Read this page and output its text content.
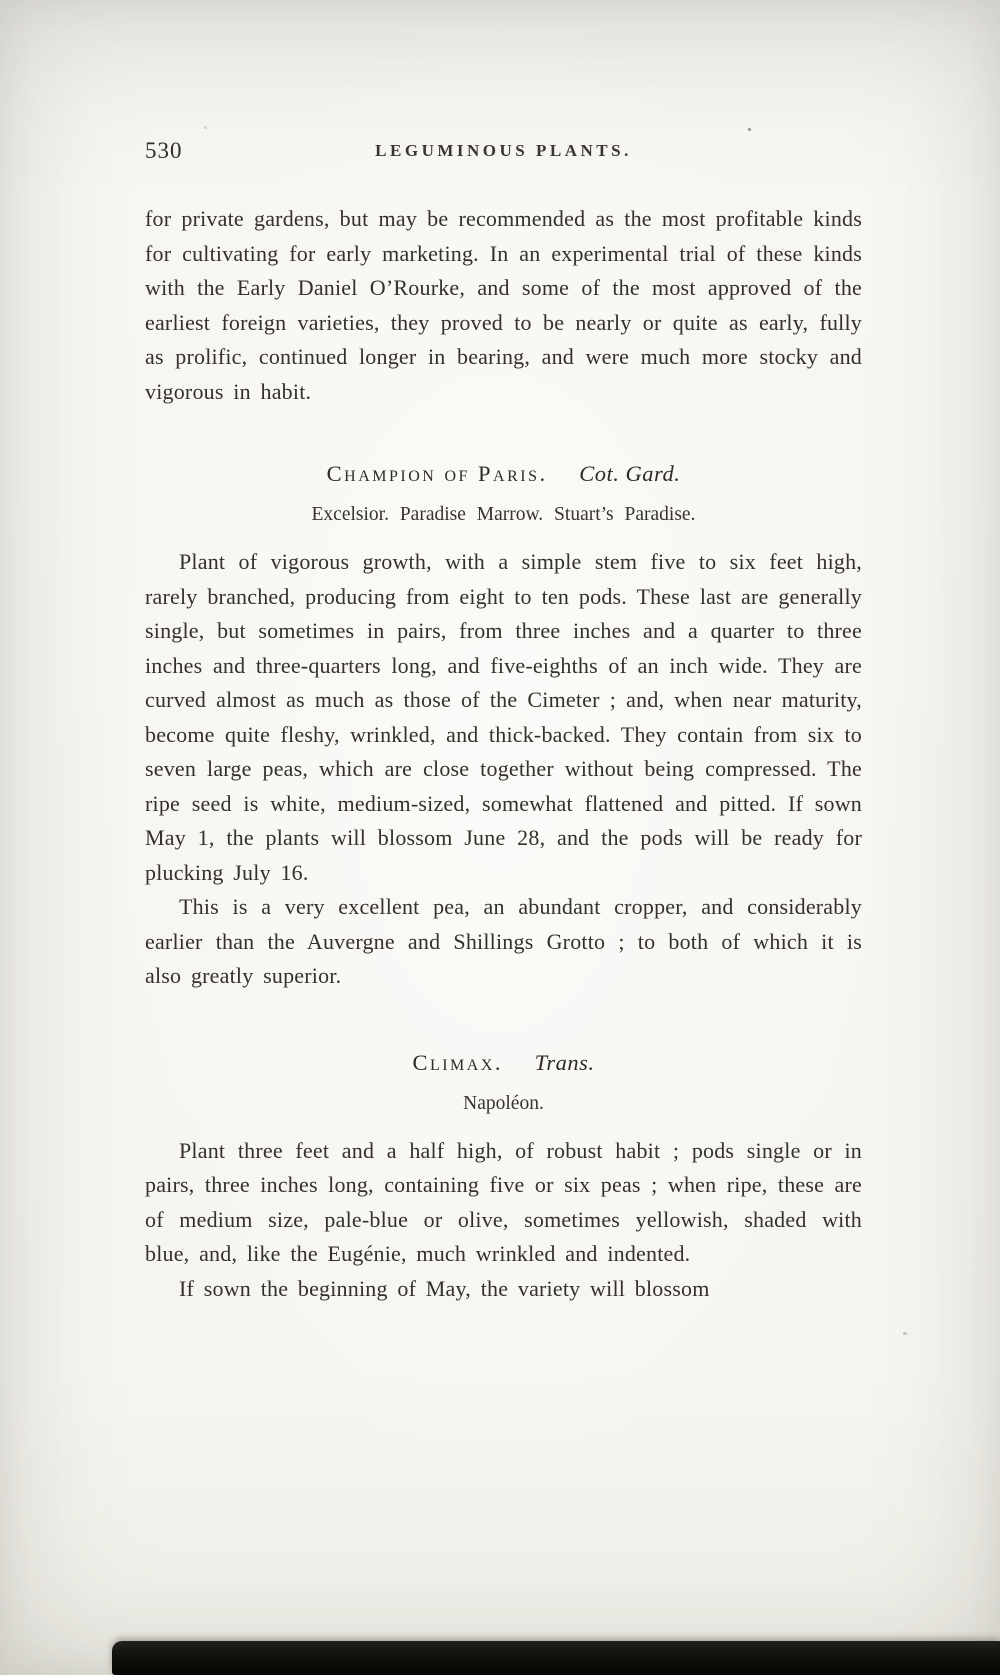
530	LEGUMINOUS PLANTS.

for private gardens, but may be recommended as the most profitable kinds for cultivating for early marketing. In an experimental trial of these kinds with the Early Daniel O’Rourke, and some of the most approved of the earliest foreign varieties, they proved to be nearly or quite as early, fully as prolific, continued longer in bearing, and were much more stocky and vigorous in habit.

Champion of Paris. Cot. Gard.

Excelsior. Paradise Marrow. Stuart’s Paradise.

Plant of vigorous growth, with a simple stem five to six feet high, rarely branched, producing from eight to ten pods. These last are generally single, but sometimes in pairs, from three inches and a quarter to three inches and three-quarters long, and five-eighths of an inch wide. They are curved almost as much as those of the Cimeter ; and, when near maturity, become quite fleshy, wrinkled, and thick-backed. They contain from six to seven large peas, which are close together without being compressed. The ripe seed is white, medium-sized, somewhat flattened and pitted. If sown May 1, the plants will blossom June 28, and the pods will be ready for plucking July 16.

This is a very excellent pea, an abundant cropper, and considerably earlier than the Auvergne and Shillings Grotto ; to both of which it is also greatly superior.

Climax. Trans.

Napoléon.

Plant three feet and a half high, of robust habit ; pods single or in pairs, three inches long, containing five or six peas ; when ripe, these are of medium size, pale-blue or olive, sometimes yellowish, shaded with blue, and, like the Eugénie, much wrinkled and indented.

If sown the beginning of May, the variety will blossom
